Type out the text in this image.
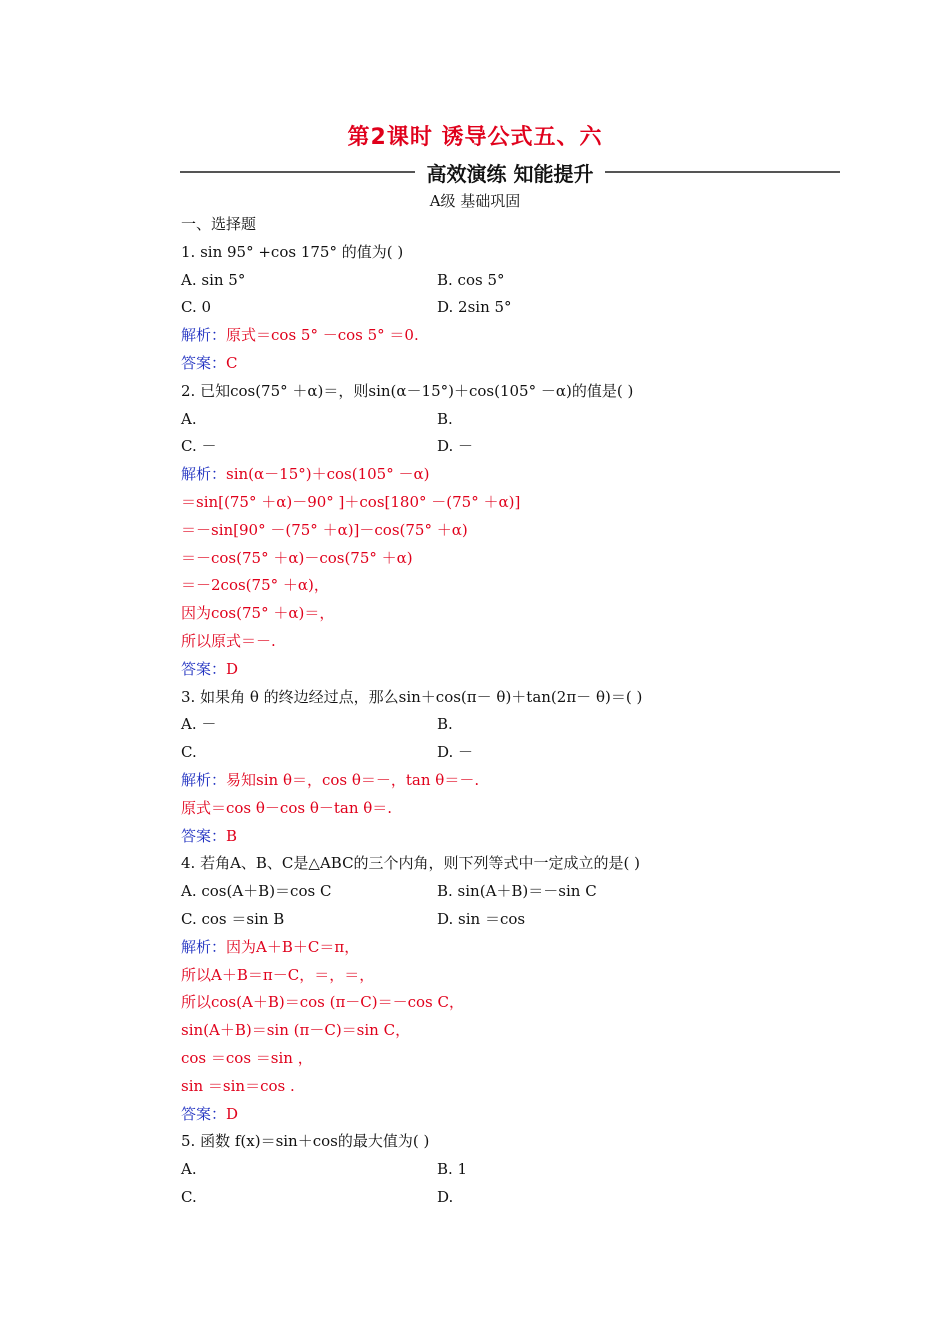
第2课时 诱导公式五、六
高效演练 知能提升
A级 基础巩固
一、选择题
1. sin 95° +cos 175° 的值为( )
A. sin 5°	B. cos 5°
C. 0	D. 2sin 5°
解析：原式＝cos 5° －cos 5° ＝0.
答案：C
2. 已知cos(75° ＋α)＝，则sin(α－15°)＋cos(105° －α)的值是( )
A.	B.
C. －	D. －
解析：sin(α－15°)＋cos(105° －α)
＝sin[(75° ＋α)－90° ]＋cos[180° －(75° ＋α)]
＝－sin[90° －(75° ＋α)]－cos(75° ＋α)
＝－cos(75° ＋α)－cos(75° ＋α)
＝－2cos(75° ＋α)，
因为cos(75° ＋α)＝，
所以原式＝－.
答案：D
3. 如果角 θ 的终边经过点，那么sin＋cos(π－ θ)＋tan(2π－ θ)＝( )
A. －	B.
C.	D. －
解析：易知sin θ＝，cos θ＝－，tan θ＝－.
原式＝cos θ－cos θ－tan θ＝.
答案：B
4. 若角A、B、C是△ABC的三个内角，则下列等式中一定成立的是( )
A. cos(A＋B)＝cos C	B. sin(A＋B)＝－sin C
C. cos ＝sin B	D. sin ＝cos
解析：因为A＋B＋C＝π，
所以A＋B＝π－C，＝，＝，
所以cos(A＋B)＝cos (π－C)＝－cos C，
sin(A＋B)＝sin (π－C)＝sin C，
cos ＝cos ＝sin ，
sin ＝sin＝cos .
答案：D
5. 函数 f(x)＝sin＋cos的最大值为( )
A.	B. 1
C.	D.
